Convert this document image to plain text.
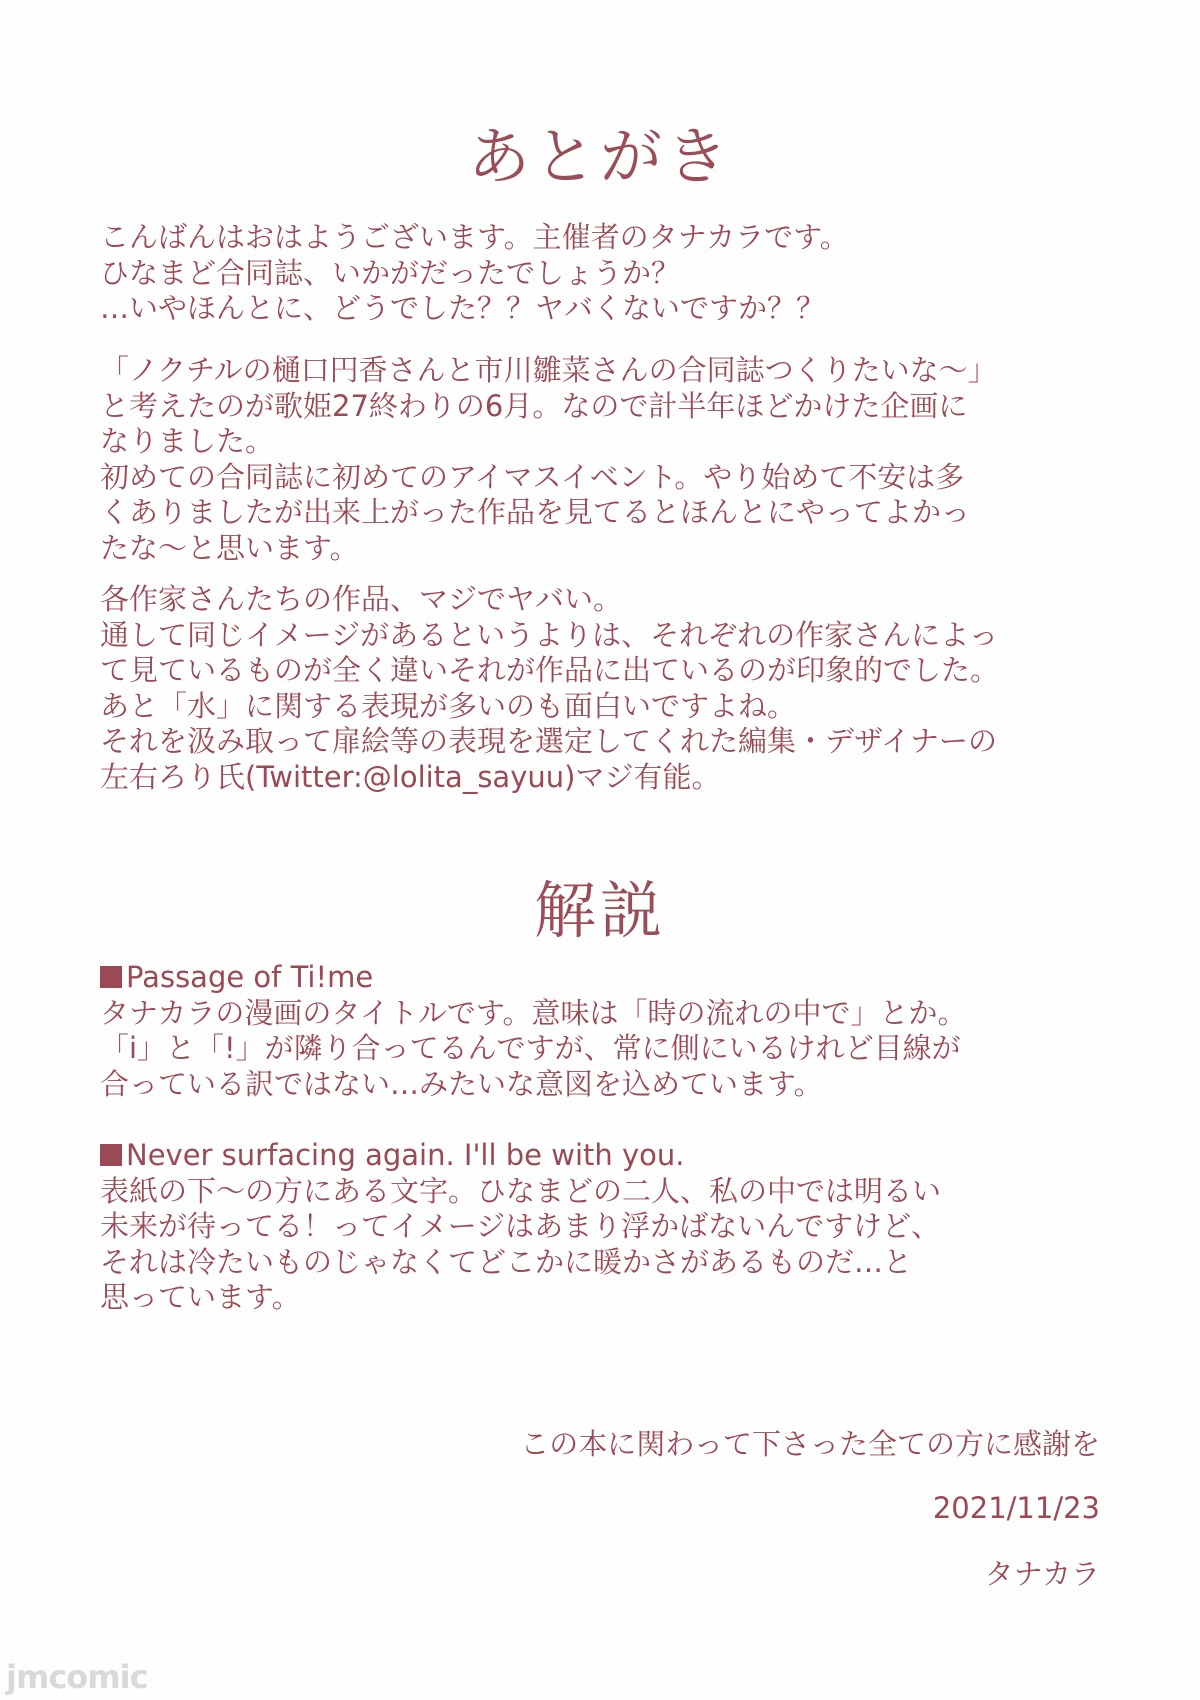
あとがき
こんばんはおはようございます。主催者のタナカラです。
ひなまど合同誌、いかがだったでしょうか？
…いやほんとに、どうでした？？ヤバくないですか？？
「ノクチルの樋口円香さんと市川雛菜さんの合同誌つくりたいな〜」
と考えたのが歌姫27終わりの6月。なので計半年ほどかけた企画に
なりました。
初めての合同誌に初めてのアイマスイベント。やり始めて不安は多
くありましたが出来上がった作品を見てるとほんとにやってよかっ
たな〜と思います。
各作家さんたちの作品、マジでヤバい。
通して同じイメージがあるというよりは、それぞれの作家さんによっ
て見ているものが全く違いそれが作品に出ているのが印象的でした。
あと「水」に関する表現が多いのも面白いですよね。
それを汲み取って扉絵等の表現を選定してくれた編集・デザイナーの
左右ろり氏(Twitter:@lolita_sayuu)マジ有能。
解説
Passage of Ti!me
タナカラの漫画のタイトルです。意味は「時の流れの中で」とか。
「i」と「!」が隣り合ってるんですが、常に側にいるけれど目線が
合っている訳ではない…みたいな意図を込めています。
Never surfacing again. I'll be with you.
表紙の下〜の方にある文字。ひなまどの二人、私の中では明るい
未来が待ってる！ってイメージはあまり浮かばないんですけど、
それは冷たいものじゃなくてどこかに暖かさがあるものだ…と
思っています。
この本に関わって下さった全ての方に感謝を
2021/11/23
タナカラ
jmcomic
